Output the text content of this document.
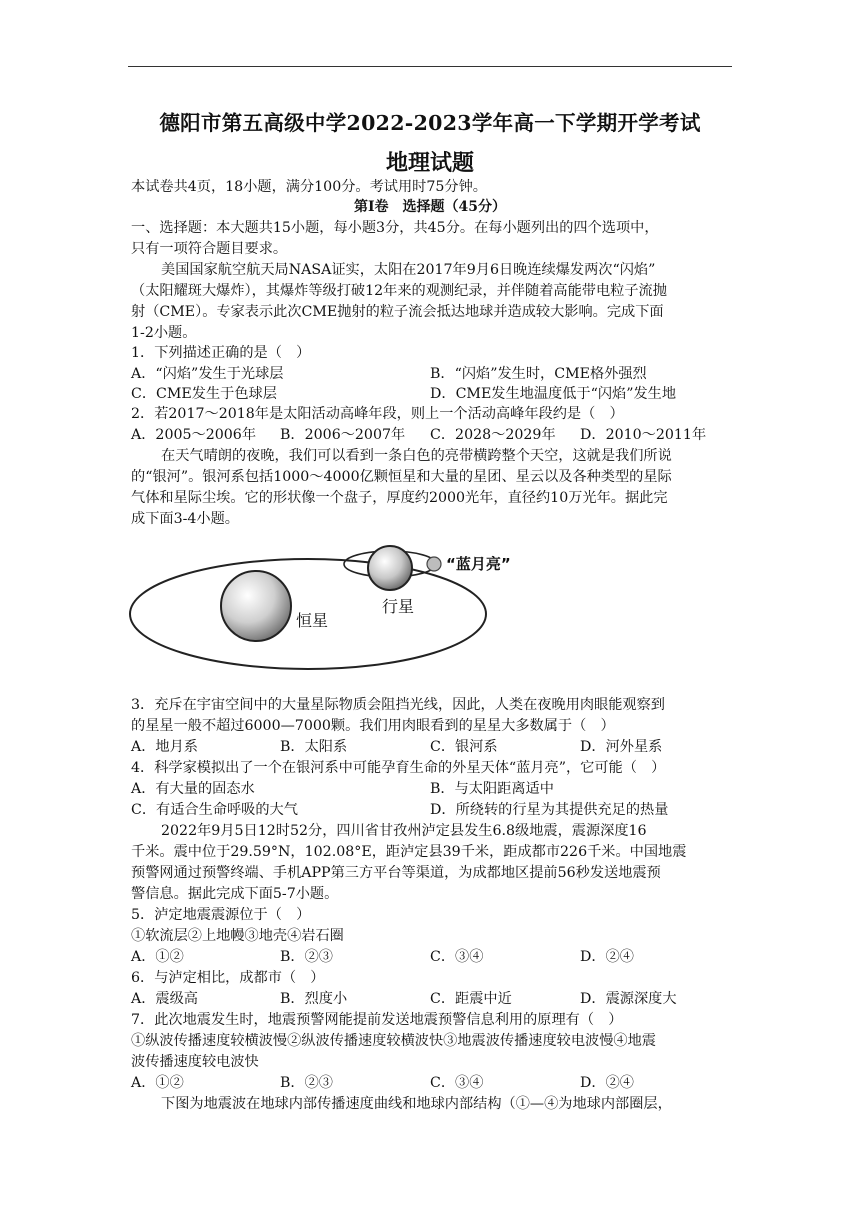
德阳市第五高级中学2022-2023学年高一下学期开学考试
地理试题
本试卷共4页，18小题，满分100分。考试用时75分钟。
第Ⅰ卷　选择题（45分）
一、选择题：本大题共15小题，每小题3分，共45分。在每小题列出的四个选项中，
只有一项符合题目要求。
美国国家航空航天局NASA证实，太阳在2017年9月6日晚连续爆发两次“闪焰”
（太阳耀斑大爆炸），其爆炸等级打破12年来的观测纪录，并伴随着高能带电粒子流抛
射（CME）。专家表示此次CME抛射的粒子流会抵达地球并造成较大影响。完成下面
1-2小题。
1．下列描述正确的是（　）
A．“闪焰”发生于光球层	B．“闪焰”发生时，CME格外强烈
C．CME发生于色球层	D．CME发生地温度低于“闪焰”发生地
2．若2017～2018年是太阳活动高峰年段，则上一个活动高峰年段约是（　）
A．2005～2006年 B．2006～2007年 C．2028～2029年 D．2010～2011年
在天气晴朗的夜晚，我们可以看到一条白色的亮带横跨整个天空，这就是我们所说
的“银河”。银河系包括1000～4000亿颗恒星和大量的星团、星云以及各种类型的星际
气体和星际尘埃。它的形状像一个盘子，厚度约2000光年，直径约10万光年。据此完
成下面3-4小题。
恒星
行星
“蓝月亮”
3．充斥在宇宙空间中的大量星际物质会阻挡光线，因此，人类在夜晚用肉眼能观察到
的星星一般不超过6000—7000颗。我们用肉眼看到的星星大多数属于（　）
A．地月系	B．太阳系	C．银河系	D．河外星系
4．科学家模拟出了一个在银河系中可能孕育生命的外星天体“蓝月亮”，它可能（　）
A．有大量的固态水	B．与太阳距离适中
C．有适合生命呼吸的大气	D．所绕转的行星为其提供充足的热量
2022年9月5日12时52分，四川省甘孜州泸定县发生6.8级地震，震源深度16
千米。震中位于29.59°N，102.08°E，距泸定县39千米，距成都市226千米。中国地震
预警网通过预警终端、手机APP第三方平台等渠道，为成都地区提前56秒发送地震预
警信息。据此完成下面5-7小题。
5．泸定地震震源位于（　）
①软流层②上地幔③地壳④岩石圈
A．①②	B．②③	C．③④	D．②④
6．与泸定相比，成都市（　）
A．震级高	B．烈度小	C．距震中近	D．震源深度大
7．此次地震发生时，地震预警网能提前发送地震预警信息利用的原理有（　）
①纵波传播速度较横波慢②纵波传播速度较横波快③地震波传播速度较电波慢④地震
波传播速度较电波快
A．①②	B．②③	C．③④	D．②④
下图为地震波在地球内部传播速度曲线和地球内部结构（①—④为地球内部圈层，
